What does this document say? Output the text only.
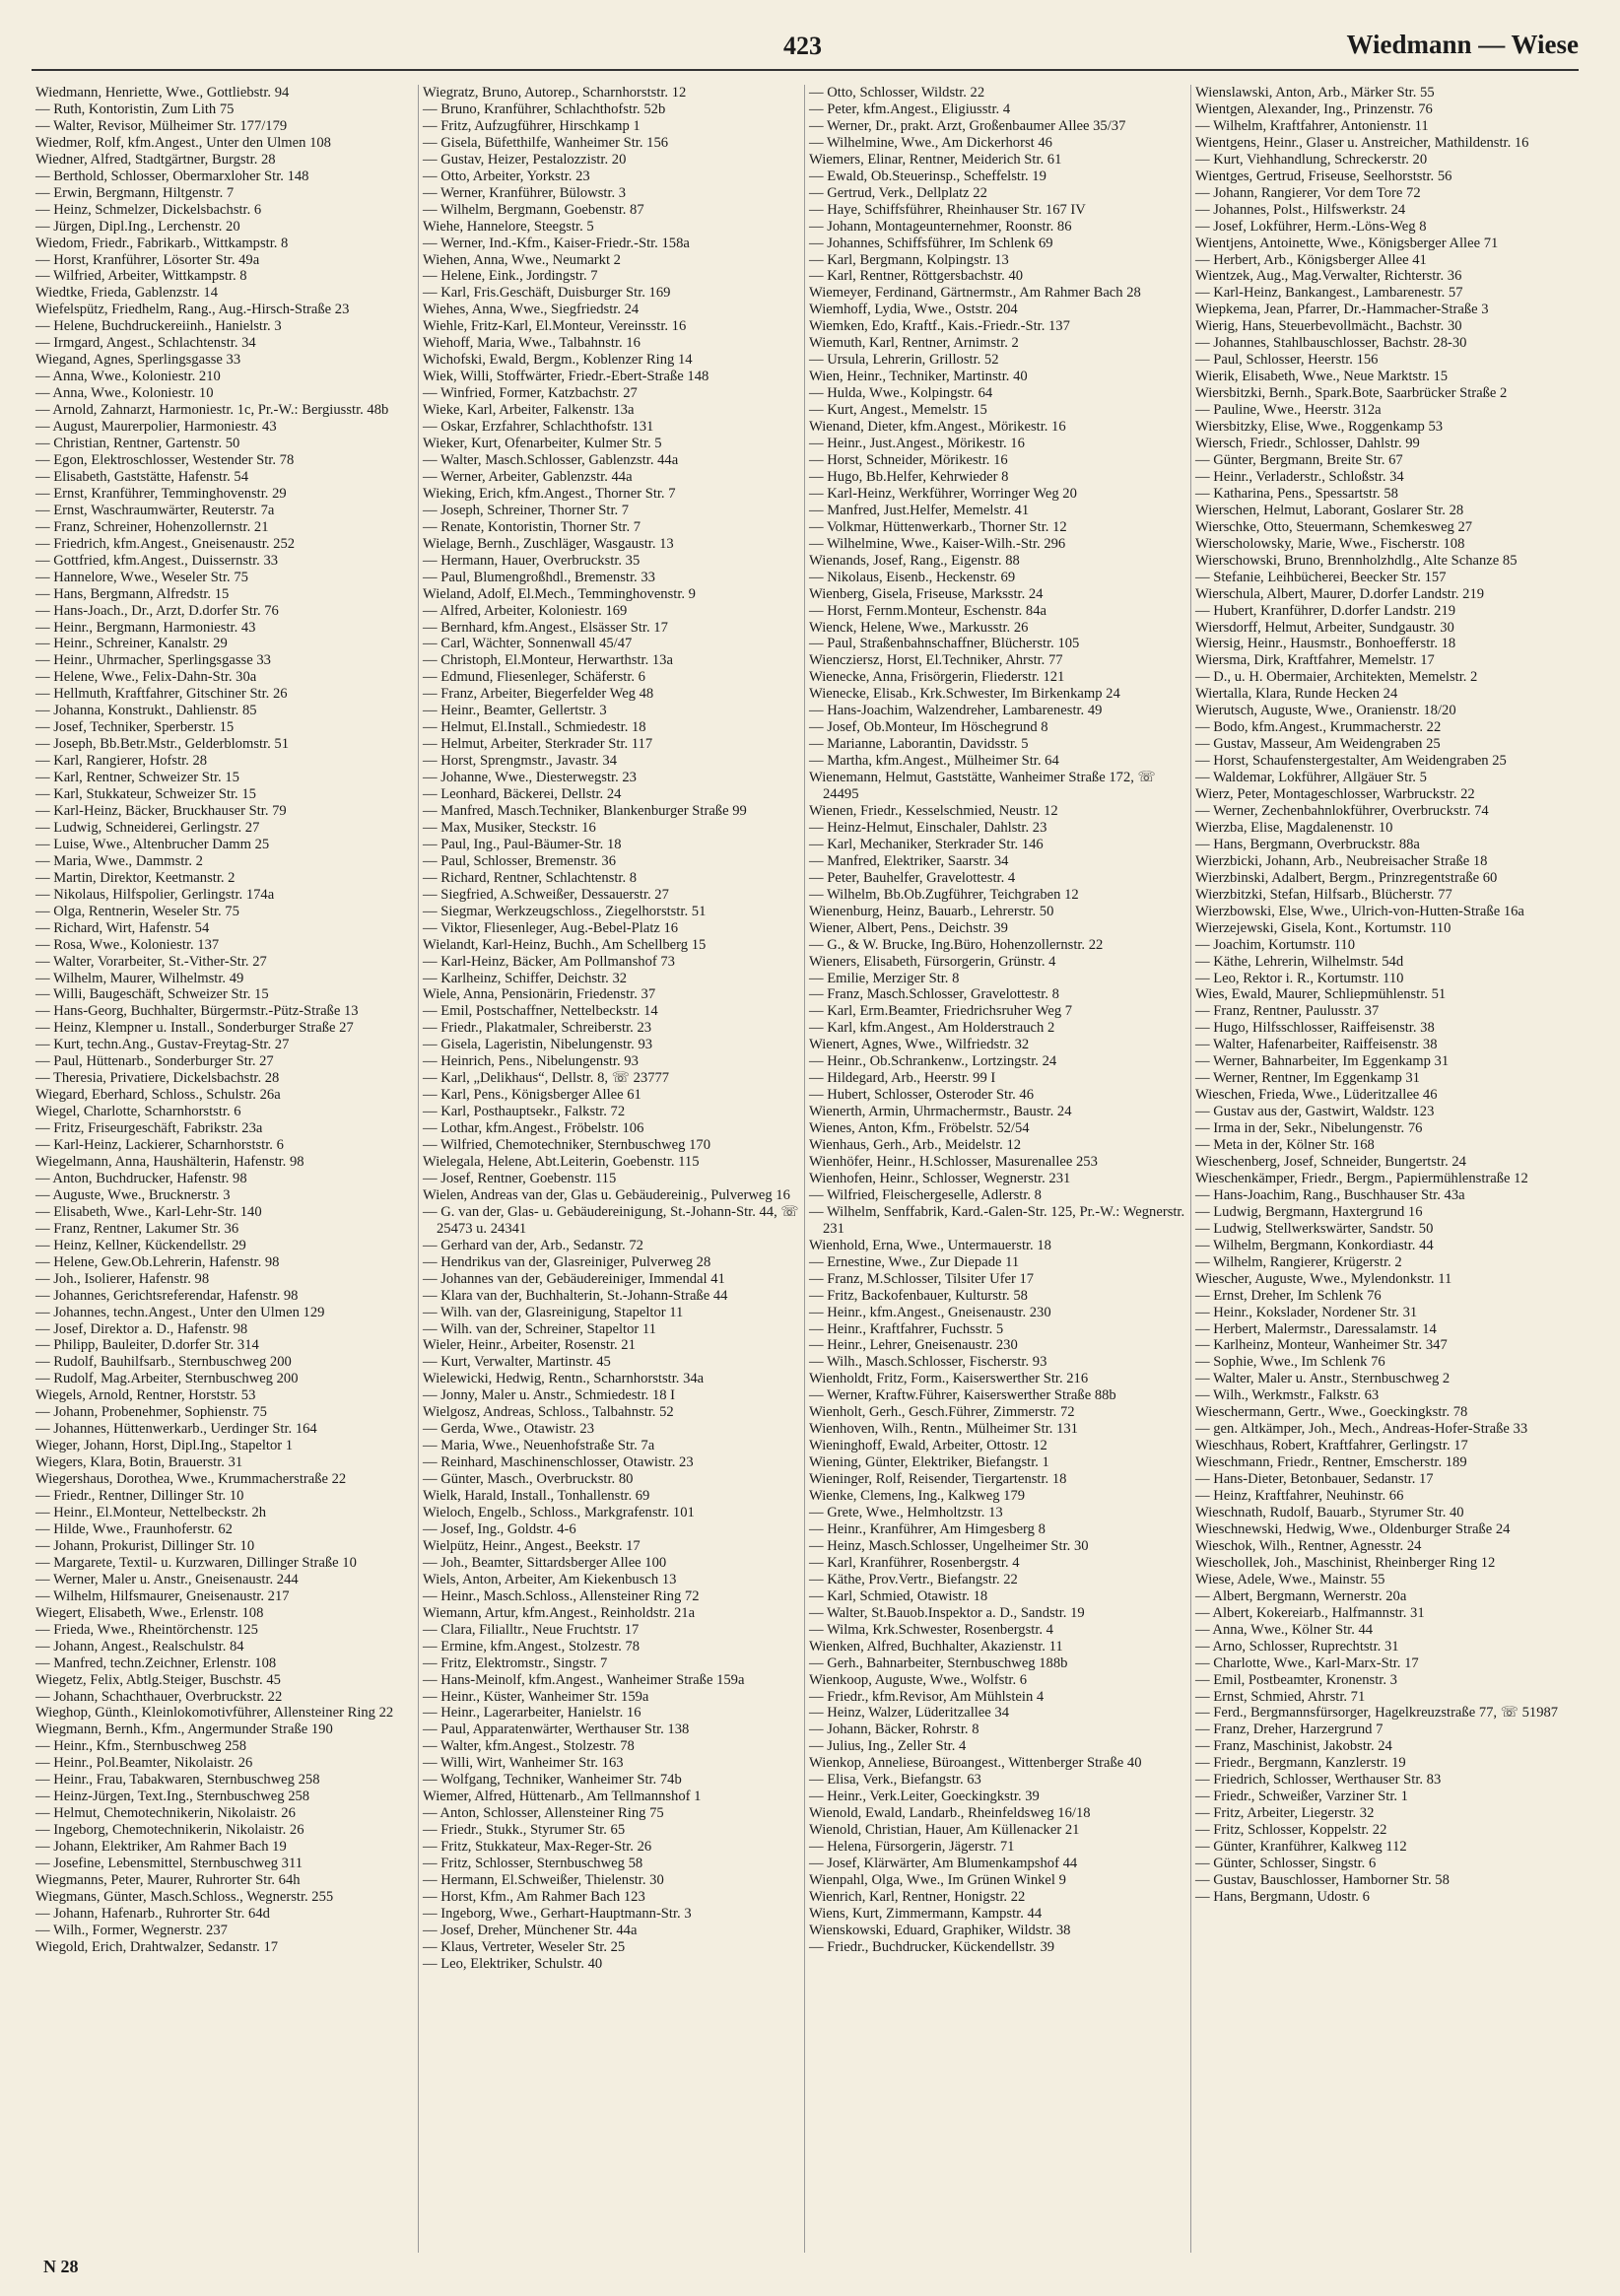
423	Wiedmann — Wiese
Wiedmann, Henriette, Wwe., Gottliebstr. 94
— Ruth, Kontoristin, Zum Lith 75
— Walter, Revisor, Mülheimer Str. 177/179
Wiedmer, Rolf, kfm.Angest., Unter den Ulmen 108
Wiedner, Alfred, Stadtgärtner, Burgstr. 28
— Berthold, Schlosser, Obermarxloher Str. 148
— Erwin, Bergmann, Hiltgenstr. 7
— Heinz, Schmelzer, Dickelsbachstr. 6
— Jürgen, Dipl.Ing., Lerchenstr. 20
Wiedom, Friedr., Fabrikarb., Wittkampstr. 8
— Horst, Kranführer, Lösorter Str. 49a
— Wilfried, Arbeiter, Wittkampstr. 8
Wiedtke, Frieda, Gablenzstr. 14
Wiefelspütz, Friedhelm, Rang., Aug.-Hirsch-Straße 23
— Helene, Buchdruckereiinh., Hanielstr. 3
— Irmgard, Angest., Schlachtenstr. 34
Wiegand, Agnes, Sperlingsgasse 33
— Anna, Wwe., Koloniestr. 210
— Anna, Wwe., Koloniestr. 10
— Arnold, Zahnarzt, Harmoniestr. 1c, Pr.-W.: Bergiusstr. 48b
— August, Maurerpolier, Harmoniestr. 43
— Christian, Rentner, Gartenstr. 50
— Egon, Elektroschlosser, Westender Str. 78
— Elisabeth, Gaststätte, Hafenstr. 54
— Ernst, Kranführer, Temminghovenstr. 29
— Ernst, Waschraumwärter, Reuterstr. 7a
— Franz, Schreiner, Hohenzollernstr. 21
— Friedrich, kfm.Angest., Gneisenaustr. 252
— Gottfried, kfm.Angest., Duissernstr. 33
— Hannelore, Wwe., Weseler Str. 75
— Hans, Bergmann, Alfredstr. 15
— Hans-Joach., Dr., Arzt, D.dorfer Str. 76
— Heinr., Bergmann, Harmoniestr. 43
— Heinr., Schreiner, Kanalstr. 29
— Heinr., Uhrmacher, Sperlingsgasse 33
— Helene, Wwe., Felix-Dahn-Str. 30a
— Hellmuth, Kraftfahrer, Gitschiner Str. 26
— Johanna, Konstrukt., Dahlienstr. 85
— Josef, Techniker, Sperberstr. 15
— Joseph, Bb.Betr.Mstr., Gelderblomstr. 51
— Karl, Rangierer, Hofstr. 28
— Karl, Rentner, Schweizer Str. 15
— Karl, Stukkateur, Schweizer Str. 15
— Karl-Heinz, Bäcker, Bruckhauser Str. 79
— Ludwig, Schneiderei, Gerlingstr. 27
— Luise, Wwe., Altenbrucher Damm 25
— Maria, Wwe., Dammstr. 2
— Martin, Direktor, Keetmanstr. 2
— Nikolaus, Hilfspolier, Gerlingstr. 174a
— Olga, Rentnerin, Weseler Str. 75
— Richard, Wirt, Hafenstr. 54
— Rosa, Wwe., Koloniestr. 137
— Walter, Vorarbeiter, St.-Vither-Str. 27
— Wilhelm, Maurer, Wilhelmstr. 49
— Willi, Baugeschäft, Schweizer Str. 15
— Hans-Georg, Buchhalter, Bürgermstr.-Pütz-Straße 13
— Heinz, Klempner u. Install., Sonderburger Straße 27
— Kurt, techn.Ang., Gustav-Freytag-Str. 27
— Paul, Hüttenarb., Sonderburger Str. 27
— Theresia, Privatiere, Dickelsbachstr. 28
Wiegard, Eberhard, Schloss., Schulstr. 26a
Wiegel, Charlotte, Scharnhorststr. 6
— Fritz, Friseurgeschäft, Fabrikstr. 23a
— Karl-Heinz, Lackierer, Scharnhorststr. 6
Wiegelmann, Anna, Haushälterin, Hafenstr. 98
— Anton, Buchdrucker, Hafenstr. 98
— Auguste, Wwe., Brucknerstr. 3
— Elisabeth, Wwe., Karl-Lehr-Str. 140
— Franz, Rentner, Lakumer Str. 36
— Heinz, Kellner, Kückendellstr. 29
— Helene, Gew.Ob.Lehrerin, Hafenstr. 98
— Joh., Isolierer, Hafenstr. 98
— Johannes, Gerichtsreferendar, Hafenstr. 98
— Johannes, techn.Angest., Unter den Ulmen 129
— Josef, Direktor a. D., Hafenstr. 98
— Philipp, Bauleiter, D.dorfer Str. 314
— Rudolf, Bauhilfsarb., Sternbuschweg 200
— Rudolf, Mag.Arbeiter, Sternbuschweg 200
Wiegels, Arnold, Rentner, Horststr. 53
— Johann, Probenehmer, Sophienstr. 75
— Johannes, Hüttenwerkarb., Uerdinger Str. 164
Wieger, Johann, Horst, Dipl.Ing., Stapeltor 1
Wiegers, Klara, Botin, Brauerstr. 31
Wiegershaus, Dorothea, Wwe., Krummacherstraße 22
— Friedr., Rentner, Dillinger Str. 10
— Heinr., El.Monteur, Nettelbeckstr. 2h
— Hilde, Wwe., Fraunhoferstr. 62
— Johann, Prokurist, Dillinger Str. 10
— Margarete, Textil- u. Kurzwaren, Dillinger Straße 10
— Werner, Maler u. Anstr., Gneisenaustr. 244
— Wilhelm, Hilfsmaurer, Gneisenaustr. 217
Wiegert, Elisabeth, Wwe., Erlenstr. 108
— Frieda, Wwe., Rheintörchenstr. 125
— Johann, Angest., Realschulstr. 84
— Manfred, techn.Zeichner, Erlenstr. 108
Wiegetz, Felix, Abtlg.Steiger, Buschstr. 45
— Johann, Schachthauer, Overbruckstr. 22
Wieghop, Günth., Kleinlokomotivführer, Allensteiner Ring 22
Wiegmann, Bernh., Kfm., Angermunder Straße 190
— Heinr., Kfm., Sternbuschweg 258
— Heinr., Pol.Beamter, Nikolaistr. 26
— Heinr., Frau, Tabakwaren, Sternbuschweg 258
— Heinz-Jürgen, Text.Ing., Sternbuschweg 258
— Helmut, Chemotechnikerin, Nikolaistr. 26
— Ingeborg, Chemotechnikerin, Nikolaistr. 26
— Johann, Elektriker, Am Rahmer Bach 19
— Josefine, Lebensmittel, Sternbuschweg 311
Wiegmanns, Peter, Maurer, Ruhrorter Str. 64h
Wiegmans, Günter, Masch.Schloss., Wegnerstr. 255
— Johann, Hafenarb., Ruhrorter Str. 64d
— Wilh., Former, Wegnerstr. 237
Wiegold, Erich, Drahtwalzer, Sedanstr. 17
Wiegratz, Bruno, Autorep., Scharnhorststr. 12
— Bruno, Kranführer, Schlachthofstr. 52b
— Fritz, Aufzugführer, Hirschkamp 1
— Gisela, Büfetthilfe, Wanheimer Str. 156
— Gustav, Heizer, Pestalozzistr. 20
— Otto, Arbeiter, Yorkstr. 23
— Werner, Kranführer, Bülowstr. 3
— Wilhelm, Bergmann, Goebenstr. 87
Wiehe, Hannelore, Steegstr. 5
— Werner, Ind.-Kfm., Kaiser-Friedr.-Str. 158a
Wiehen, Anna, Wwe., Neumarkt 2
— Helene, Eink., Jordingstr. 7
— Karl, Fris.Geschäft, Duisburger Str. 169
Wiehes, Anna, Wwe., Siegfriedstr. 24
Wiehle, Fritz-Karl, El.Monteur, Vereinsstr. 16
Wiehoff, Maria, Wwe., Talbahnstr. 16
Wichofski, Ewald, Bergm., Koblenzer Ring 14
Wiek, Willi, Stoffwärter, Friedr.-Ebert-Straße 148
— Winfried, Former, Katzbachstr. 27
Wieke, Karl, Arbeiter, Falkenstr. 13a
— Oskar, Erzfahrer, Schlachthofstr. 131
Wieker, Kurt, Ofenarbeiter, Kulmer Str. 5
— Walter, Masch.Schlosser, Gablenzstr. 44a
— Werner, Arbeiter, Gablenzstr. 44a
Wieking, Erich, kfm.Angest., Thorner Str. 7
— Joseph, Schreiner, Thorner Str. 7
— Renate, Kontoristin, Thorner Str. 7
Wielage, Bernh., Zuschläger, Wasgaustr. 13
— Hermann, Hauer, Overbruckstr. 35
— Paul, Blumengroßhdl., Bremenstr. 33
Wieland, Adolf, El.Mech., Temminghovenstr. 9
— Alfred, Arbeiter, Koloniestr. 169
— Bernhard, kfm.Angest., Elsässer Str. 17
— Carl, Wächter, Sonnenwall 45/47
— Christoph, El.Monteur, Herwarthstr. 13a
— Edmund, Fliesenleger, Schäferstr. 6
— Franz, Arbeiter, Biegerfelder Weg 48
— Heinr., Beamter, Gellertstr. 3
— Helmut, El.Install., Schmiedestr. 18
— Helmut, Arbeiter, Sterkrader Str. 117
— Horst, Sprengmstr., Javastr. 34
— Johanne, Wwe., Diesterwegstr. 23
— Leonhard, Bäckerei, Dellstr. 24
— Manfred, Masch.Techniker, Blankenburger Straße 99
— Max, Musiker, Steckstr. 16
— Paul, Ing., Paul-Bäumer-Str. 18
— Paul, Schlosser, Bremenstr. 36
— Richard, Rentner, Schlachtenstr. 8
— Siegfried, A.Schweißer, Dessauerstr. 27
— Siegmar, Werkzeugschloss., Ziegelhorststr. 51
— Viktor, Fliesenleger, Aug.-Bebel-Platz 16
Wielandt, Karl-Heinz, Buchh., Am Schellberg 15
— Karl-Heinz, Bäcker, Am Pollmanshof 73
— Karlheinz, Schiffer, Deichstr. 32
Wiele, Anna, Pensionärin, Friedenstr. 37
— Emil, Postschaffner, Nettelbeckstr. 14
— Friedr., Plakatmaler, Schreiberstr. 23
— Gisela, Lageristin, Nibelungenstr. 93
— Heinrich, Pens., Nibelungenstr. 93
— Karl, „Delikhaus“, Dellstr. 8, ☏ 23777
— Karl, Pens., Königsberger Allee 61
— Karl, Posthauptsekr., Falkstr. 72
— Lothar, kfm.Angest., Fröbelstr. 106
— Wilfried, Chemotechniker, Sternbuschweg 170
Wielegala, Helene, Abt.Leiterin, Goebenstr. 115
— Josef, Rentner, Goebenstr. 115
Wielen, Andreas van der, Glas u. Gebäudereinig., Pulverweg 16
— G. van der, Glas- u. Gebäudereinigung, St.-Johann-Str. 44, ☏ 25473 u. 24341
— Gerhard van der, Arb., Sedanstr. 72
— Hendrikus van der, Glasreiniger, Pulverweg 28
— Johannes van der, Gebäudereiniger, Immendal 41
— Klara van der, Buchhalterin, St.-Johann-Straße 44
— Wilh. van der, Glasreinigung, Stapeltor 11
— Wilh. van der, Schreiner, Stapeltor 11
Wieler, Heinr., Arbeiter, Rosenstr. 21
— Kurt, Verwalter, Martinstr. 45
Wielewicki, Hedwig, Rentn., Scharnhorststr. 34a
— Jonny, Maler u. Anstr., Schmiedestr. 18 I
Wielgosz, Andreas, Schloss., Talbahnstr. 52
— Gerda, Wwe., Otawistr. 23
— Maria, Wwe., Neuenhofstraße Str. 7a
— Reinhard, Maschinenschlosser, Otawistr. 23
— Günter, Masch., Overbruckstr. 80
Wielk, Harald, Install., Tonhallenstr. 69
Wieloch, Engelb., Schloss., Markgrafenstr. 101
— Josef, Ing., Goldstr. 4-6
Wielpütz, Heinr., Angest., Beekstr. 17
— Joh., Beamter, Sittardsberger Allee 100
Wiels, Anton, Arbeiter, Am Kiekenbusch 13
— Heinr., Masch.Schloss., Allensteiner Ring 72
Wiemann, Artur, kfm.Angest., Reinholdstr. 21a
— Clara, Filialltr., Neue Fruchtstr. 17
— Ermine, kfm.Angest., Stolzestr. 78
— Fritz, Elektromstr., Singstr. 7
— Hans-Meinolf, kfm.Angest., Wanheimer Straße 159a
— Heinr., Küster, Wanheimer Str. 159a
— Heinr., Lagerarbeiter, Hanielstr. 16
— Paul, Apparatenwärter, Werthauser Str. 138
— Walter, kfm.Angest., Stolzestr. 78
— Willi, Wirt, Wanheimer Str. 163
— Wolfgang, Techniker, Wanheimer Str. 74b
Wiemer, Alfred, Hüttenarb., Am Tellmannshof 1
— Anton, Schlosser, Allensteiner Ring 75
— Friedr., Stukk., Styrumer Str. 65
— Fritz, Stukkateur, Max-Reger-Str. 26
— Fritz, Schlosser, Sternbuschweg 58
— Hermann, El.Schweißer, Thielenstr. 30
— Horst, Kfm., Am Rahmer Bach 123
— Ingeborg, Wwe., Gerhart-Hauptmann-Str. 3
— Josef, Dreher, Münchener Str. 44a
— Klaus, Vertreter, Weseler Str. 25
— Leo, Elektriker, Schulstr. 40
— Otto, Schlosser, Wildstr. 22
— Peter, kfm.Angest., Eligiusstr. 4
— Werner, Dr., prakt. Arzt, Großenbaumer Allee 35/37
— Wilhelmine, Wwe., Am Dickerhorst 46
Wiemers, Elinar, Rentner, Meiderich Str. 61
— Ewald, Ob.Steuerinsp., Scheffelstr. 19
— Gertrud, Verk., Dellplatz 22
— Haye, Schiffsführer, Rheinhauser Str. 167 IV
— Johann, Montageunternehmer, Roonstr. 86
— Johannes, Schiffsführer, Im Schlenk 69
— Karl, Bergmann, Kolpingstr. 13
— Karl, Rentner, Röttgersbachstr. 40
Wiemeyer, Ferdinand, Gärtnermstr., Am Rahmer Bach 28
Wiemhoff, Lydia, Wwe., Oststr. 204
Wiemken, Edo, Kraftf., Kais.-Friedr.-Str. 137
Wiemuth, Karl, Rentner, Arnimstr. 2
— Ursula, Lehrerin, Grillostr. 52
Wien, Heinr., Techniker, Martinstr. 40
— Hulda, Wwe., Kolpingstr. 64
— Kurt, Angest., Memelstr. 15
Wienand, Dieter, kfm.Angest., Mörikestr. 16
— Heinr., Just.Angest., Mörikestr. 16
— Horst, Schneider, Mörikestr. 16
— Hugo, Bb.Helfer, Kehrwieder 8
— Karl-Heinz, Werkführer, Worringer Weg 20
— Manfred, Just.Helfer, Memelstr. 41
— Volkmar, Hüttenwerkarb., Thorner Str. 12
— Wilhelmine, Wwe., Kaiser-Wilh.-Str. 296
Wienands, Josef, Rang., Eigenstr. 88
— Nikolaus, Eisenb., Heckenstr. 69
Wienberg, Gisela, Friseuse, Marksstr. 24
— Horst, Fernm.Monteur, Eschenstr. 84a
Wienck, Helene, Wwe., Markusstr. 26
— Paul, Straßenbahnschaffner, Blücherstr. 105
Wiencziersz, Horst, El.Techniker, Ahrstr. 77
Wienecke, Anna, Frisörgerin, Fliederstr. 121
Wienecke, Elisab., Krk.Schwester, Im Birkenkamp 24
— Hans-Joachim, Walzendreher, Lambarenestr. 49
— Josef, Ob.Monteur, Im Höschegrund 8
— Marianne, Laborantin, Davidsstr. 5
— Martha, kfm.Angest., Mülheimer Str. 64
Wienemann, Helmut, Gaststätte, Wanheimer Straße 172, ☏ 24495
Wienen, Friedr., Kesselschmied, Neustr. 12
— Heinz-Helmut, Einschaler, Dahlstr. 23
— Karl, Mechaniker, Sterkrader Str. 146
— Manfred, Elektriker, Saarstr. 34
— Peter, Bauhelfer, Gravelottestr. 4
— Wilhelm, Bb.Ob.Zugführer, Teichgraben 12
Wienenburg, Heinz, Bauarb., Lehrerstr. 50
Wiener, Albert, Pens., Deichstr. 39
— G., & W. Brucke, Ing.Büro, Hohenzollernstr. 22
Wieners, Elisabeth, Fürsorgerin, Grünstr. 4
— Emilie, Merziger Str. 8
— Franz, Masch.Schlosser, Gravelottestr. 8
— Karl, Erm.Beamter, Friedrichsruher Weg 7
— Karl, kfm.Angest., Am Holderstrauch 2
Wienert, Agnes, Wwe., Wilfriedstr. 32
— Heinr., Ob.Schrankenw., Lortzingstr. 24
— Hildegard, Arb., Heerstr. 99 I
— Hubert, Schlosser, Osteroder Str. 46
Wienerth, Armin, Uhrmachermstr., Baustr. 24
Wienes, Anton, Kfm., Fröbelstr. 52/54
Wienhaus, Gerh., Arb., Meidelstr. 12
Wienhöfer, Heinr., H.Schlosser, Masurenallee 253
Wienhofen, Heinr., Schlosser, Wegnerstr. 231
— Wilfried, Fleischergeselle, Adlerstr. 8
— Wilhelm, Senffabrik, Kard.-Galen-Str. 125, Pr.-W.: Wegnerstr. 231
Wienhold, Erna, Wwe., Untermauerstr. 18
— Ernestine, Wwe., Zur Diepade 11
— Franz, M.Schlosser, Tilsiter Ufer 17
— Fritz, Backofenbauer, Kulturstr. 58
— Heinr., kfm.Angest., Gneisenaustr. 230
— Heinr., Kraftfahrer, Fuchsstr. 5
— Heinr., Lehrer, Gneisenaustr. 230
— Wilh., Masch.Schlosser, Fischerstr. 93
Wienholdt, Fritz, Form., Kaiserswerther Str. 216
— Werner, Kraftw.Führer, Kaiserswerther Straße 88b
Wienholt, Gerh., Gesch.Führer, Zimmerstr. 72
Wienhoven, Wilh., Rentn., Mülheimer Str. 131
Wieninghoff, Ewald, Arbeiter, Ottostr. 12
Wiening, Günter, Elektriker, Biefangstr. 1
Wieninger, Rolf, Reisender, Tiergartenstr. 18
Wienke, Clemens, Ing., Kalkweg 179
— Grete, Wwe., Helmholtzstr. 13
— Heinr., Kranführer, Am Himgesberg 8
— Heinz, Masch.Schlosser, Ungelheimer Str. 30
— Karl, Kranführer, Rosenbergstr. 4
— Käthe, Prov.Vertr., Biefangstr. 22
— Karl, Schmied, Otawistr. 18
— Walter, St.Bauob.Inspektor a. D., Sandstr. 19
— Wilma, Krk.Schwester, Rosenbergstr. 4
Wienken, Alfred, Buchhalter, Akazienstr. 11
— Gerh., Bahnarbeiter, Sternbuschweg 188b
Wienkoop, Auguste, Wwe., Wolfstr. 6
— Friedr., kfm.Revisor, Am Mühlstein 4
— Heinz, Walzer, Lüderitzallee 34
— Johann, Bäcker, Rohrstr. 8
— Julius, Ing., Zeller Str. 4
Wienkop, Anneliese, Büroangest., Wittenberger Straße 40
— Elisa, Verk., Biefangstr. 63
— Heinr., Verk.Leiter, Goeckingkstr. 39
Wienold, Ewald, Landarb., Rheinfeldsweg 16/18
Wienold, Christian, Hauer, Am Küllenacker 21
— Helena, Fürsorgerin, Jägerstr. 71
— Josef, Klärwärter, Am Blumenkampshof 44
Wienpahl, Olga, Wwe., Im Grünen Winkel 9
Wienrich, Karl, Rentner, Honigstr. 22
Wiens, Kurt, Zimmermann, Kampstr. 44
Wienskowski, Eduard, Graphiker, Wildstr. 38
— Friedr., Buchdrucker, Kückendellstr. 39
Wienslawski, Anton, Arb., Märker Str. 55
Wientgen, Alexander, Ing., Prinzenstr. 76
— Wilhelm, Kraftfahrer, Antonienstr. 11
Wientgens, Heinr., Glaser u. Anstreicher, Mathildenstr. 16
— Kurt, Viehhandlung, Schreckerstr. 20
Wientges, Gertrud, Friseuse, Seelhorststr. 56
— Johann, Rangierer, Vor dem Tore 72
— Johannes, Polst., Hilfswerkstr. 24
— Josef, Lokführer, Herm.-Löns-Weg 8
Wientjens, Antoinette, Wwe., Königsberger Allee 71
— Herbert, Arb., Königsberger Allee 41
Wientzek, Aug., Mag.Verwalter, Richterstr. 36
— Karl-Heinz, Bankangest., Lambarenestr. 57
Wiepkema, Jean, Pfarrer, Dr.-Hammacher-Straße 3
Wierig, Hans, Steuerbevollmächt., Bachstr. 30
— Johannes, Stahlbauschlosser, Bachstr. 28-30
— Paul, Schlosser, Heerstr. 156
Wierik, Elisabeth, Wwe., Neue Marktstr. 15
Wiersbitzki, Bernh., Spark.Bote, Saarbrücker Straße 2
— Pauline, Wwe., Heerstr. 312a
Wiersbitzky, Elise, Wwe., Roggenkamp 53
Wiersch, Friedr., Schlosser, Dahlstr. 99
— Günter, Bergmann, Breite Str. 67
— Heinr., Verladerstr., Schloßstr. 34
— Katharina, Pens., Spessartstr. 58
Wierschen, Helmut, Laborant, Goslarer Str. 28
Wierschke, Otto, Steuermann, Schemkesweg 27
Wierscholowsky, Marie, Wwe., Fischerstr. 108
Wierschowski, Bruno, Brennholzhdlg., Alte Schanze 85
— Stefanie, Leihbücherei, Beecker Str. 157
Wierschula, Albert, Maurer, D.dorfer Landstr. 219
— Hubert, Kranführer, D.dorfer Landstr. 219
Wiersdorff, Helmut, Arbeiter, Sundgaustr. 30
Wiersig, Heinr., Hausmstr., Bonhoefferstr. 18
Wiersma, Dirk, Kraftfahrer, Memelstr. 17
— D., u. H. Obermaier, Architekten, Memelstr. 2
Wiertalla, Klara, Runde Hecken 24
Wierutsch, Auguste, Wwe., Oranienstr. 18/20
— Bodo, kfm.Angest., Krummacherstr. 22
— Gustav, Masseur, Am Weidengraben 25
— Horst, Schaufenstergestalter, Am Weidengraben 25
— Waldemar, Lokführer, Allgäuer Str. 5
Wierz, Peter, Montageschlosser, Warbruckstr. 22
— Werner, Zechenbahnlokführer, Overbruckstr. 74
Wierzba, Elise, Magdalenenstr. 10
— Hans, Bergmann, Overbruckstr. 88a
Wierzbicki, Johann, Arb., Neubreisacher Straße 18
Wierzbinski, Adalbert, Bergm., Prinzregentstraße 60
Wierzbitzki, Stefan, Hilfsarb., Blücherstr. 77
Wierzbowski, Else, Wwe., Ulrich-von-Hutten-Straße 16a
Wierzejewski, Gisela, Kont., Kortumstr. 110
— Joachim, Kortumstr. 110
— Käthe, Lehrerin, Wilhelmstr. 54d
— Leo, Rektor i. R., Kortumstr. 110
Wies, Ewald, Maurer, Schliepmühlenstr. 51
— Franz, Rentner, Paulusstr. 37
— Hugo, Hilfsschlosser, Raiffeisenstr. 38
— Walter, Hafenarbeiter, Raiffeisenstr. 38
— Werner, Bahnarbeiter, Im Eggenkamp 31
— Werner, Rentner, Im Eggenkamp 31
Wieschen, Frieda, Wwe., Lüderitzallee 46
— Gustav aus der, Gastwirt, Waldstr. 123
— Irma in der, Sekr., Nibelungenstr. 76
— Meta in der, Kölner Str. 168
Wieschenberg, Josef, Schneider, Bungertstr. 24
Wieschenkämper, Friedr., Bergm., Papiermühlenstraße 12
— Hans-Joachim, Rang., Buschhauser Str. 43a
— Ludwig, Bergmann, Haxtergrund 16
— Ludwig, Stellwerkswärter, Sandstr. 50
— Wilhelm, Bergmann, Konkordiastr. 44
— Wilhelm, Rangierer, Krügerstr. 2
Wiescher, Auguste, Wwe., Mylendonkstr. 11
— Ernst, Dreher, Im Schlenk 76
— Heinr., Kokslader, Nordener Str. 31
— Herbert, Malermstr., Daressalamstr. 14
— Karlheinz, Monteur, Wanheimer Str. 347
— Sophie, Wwe., Im Schlenk 76
— Walter, Maler u. Anstr., Sternbuschweg 2
— Wilh., Werkmstr., Falkstr. 63
Wieschermann, Gertr., Wwe., Goeckingkstr. 78
— gen. Altkämper, Joh., Mech., Andreas-Hofer-Straße 33
Wieschhaus, Robert, Kraftfahrer, Gerlingstr. 17
Wieschmann, Friedr., Rentner, Emscherstr. 189
— Hans-Dieter, Betonbauer, Sedanstr. 17
— Heinz, Kraftfahrer, Neuhinstr. 66
Wieschnath, Rudolf, Bauarb., Styrumer Str. 40
Wieschnewski, Hedwig, Wwe., Oldenburger Straße 24
Wieschok, Wilh., Rentner, Agnesstr. 24
Wieschollek, Joh., Maschinist, Rheinberger Ring 12
Wiese, Adele, Wwe., Mainstr. 55
— Albert, Bergmann, Wernerstr. 20a
— Albert, Kokereiarb., Halfmannstr. 31
— Anna, Wwe., Kölner Str. 44
— Arno, Schlosser, Ruprechtstr. 31
— Charlotte, Wwe., Karl-Marx-Str. 17
— Emil, Postbeamter, Kronenstr. 3
— Ernst, Schmied, Ahrstr. 71
— Ferd., Bergmannsfürsorger, Hagelkreuzstraße 77, ☏ 51987
— Franz, Dreher, Harzergrund 7
— Franz, Maschinist, Jakobstr. 24
— Friedr., Bergmann, Kanzlerstr. 19
— Friedrich, Schlosser, Werthauser Str. 83
— Friedr., Schweißer, Varziner Str. 1
— Fritz, Arbeiter, Liegerstr. 32
— Fritz, Schlosser, Koppelstr. 22
— Günter, Kranführer, Kalkweg 112
— Günter, Schlosser, Singstr. 6
— Gustav, Bauschlosser, Hamborner Str. 58
— Hans, Bergmann, Udostr. 6
N 28
